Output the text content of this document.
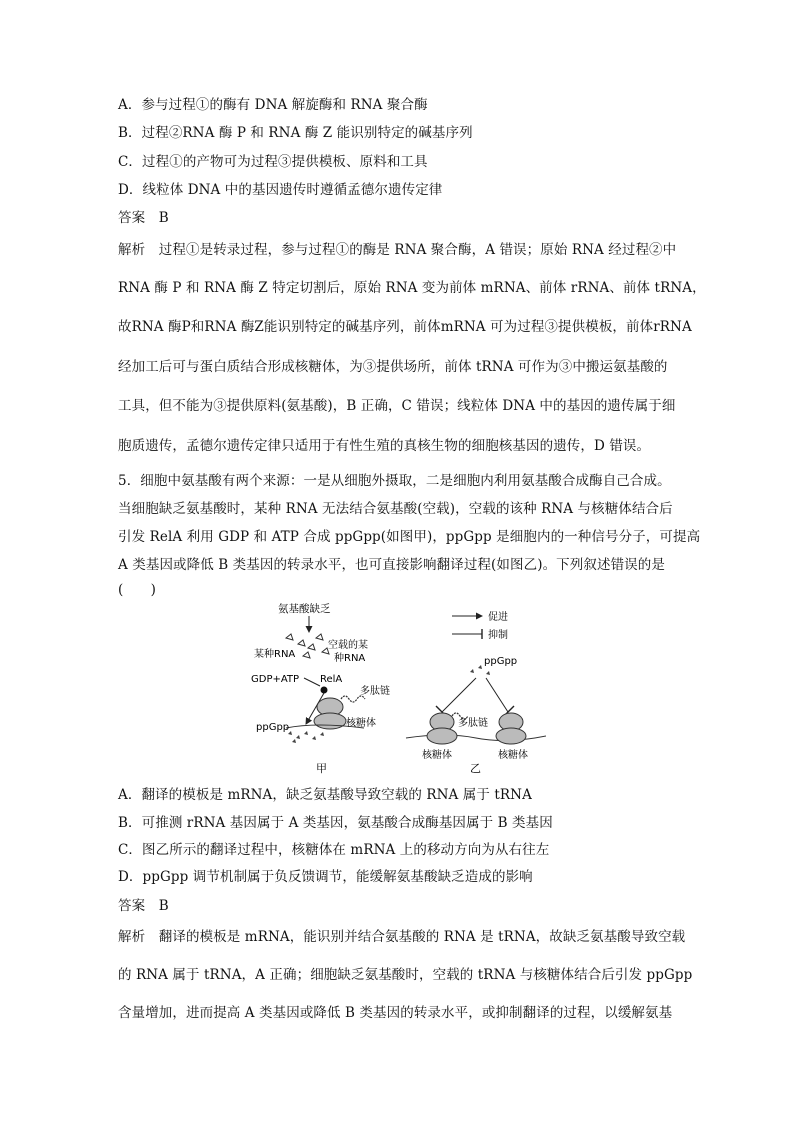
A．参与过程①的酶有 DNA 解旋酶和 RNA 聚合酶
B．过程②RNA 酶 P 和 RNA 酶 Z 能识别特定的碱基序列
C．过程①的产物可为过程③提供模板、原料和工具
D．线粒体 DNA 中的基因遗传时遵循孟德尔遗传定律
答案　B
解析　过程①是转录过程，参与过程①的酶是 RNA 聚合酶，A 错误；原始 RNA 经过程②中
RNA 酶 P 和 RNA 酶 Z 特定切割后，原始 RNA 变为前体 mRNA、前体 rRNA、前体 tRNA，
故RNA 酶P和RNA 酶Z能识别特定的碱基序列，前体mRNA 可为过程③提供模板，前体rRNA
经加工后可与蛋白质结合形成核糖体，为③提供场所，前体 tRNA 可作为③中搬运氨基酸的
工具，但不能为③提供原料(氨基酸)，B 正确，C 错误；线粒体 DNA 中的基因的遗传属于细
胞质遗传，孟德尔遗传定律只适用于有性生殖的真核生物的细胞核基因的遗传，D 错误。
5．细胞中氨基酸有两个来源：一是从细胞外摄取，二是细胞内利用氨基酸合成酶自己合成。
当细胞缺乏氨基酸时，某种 RNA 无法结合氨基酸(空载)，空载的该种 RNA 与核糖体结合后
引发 RelA 利用 GDP 和 ATP 合成 ppGpp(如图甲)，ppGpp 是细胞内的一种信号分子，可提高
A 类基因或降低 B 类基因的转录水平，也可直接影响翻译过程(如图乙)。下列叙述错误的是
(　　)
氨基酸缺乏
某种RNA
空载的某
种RNA
GDP+ATP RelA
多肽链
核糖体
ppGpp
甲
促进
抑制
ppGpp
多肽链
核糖体	核糖体
乙
A．翻译的模板是 mRNA，缺乏氨基酸导致空载的 RNA 属于 tRNA
B．可推测 rRNA 基因属于 A 类基因，氨基酸合成酶基因属于 B 类基因
C．图乙所示的翻译过程中，核糖体在 mRNA 上的移动方向为从右往左
D．ppGpp 调节机制属于负反馈调节，能缓解氨基酸缺乏造成的影响
答案　B
解析　翻译的模板是 mRNA，能识别并结合氨基酸的 RNA 是 tRNA，故缺乏氨基酸导致空载
的 RNA 属于 tRNA，A 正确；细胞缺乏氨基酸时，空载的 tRNA 与核糖体结合后引发 ppGpp
含量增加，进而提高 A 类基因或降低 B 类基因的转录水平，或抑制翻译的过程，以缓解氨基
